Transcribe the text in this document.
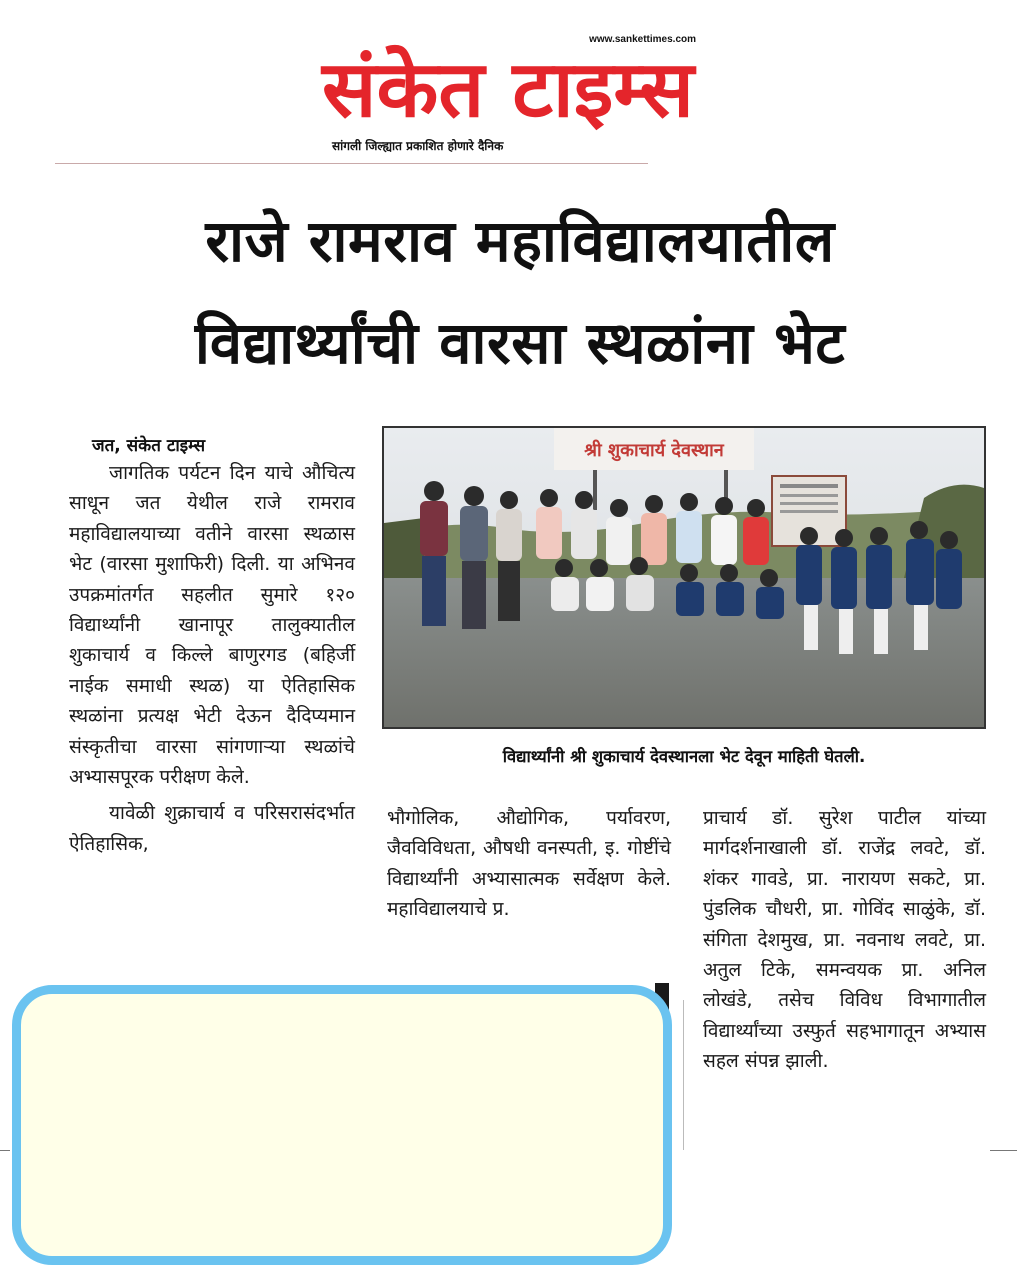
www.sankettimes.com
संकेत टाइम्स
सांगली जिल्ह्यात प्रकाशित होणारे दैनिक
राजे रामराव महाविद्यालयातील
विद्यार्थ्यांची वारसा स्थळांना भेट
जत, संकेत टाइम्स

जागतिक पर्यटन दिन याचे औचित्य साधून जत येथील राजे रामराव महाविद्यालयाच्या वतीने वारसा स्थळास भेट (वारसा मुशाफिरी) दिली. या अभिनव उपक्रमांतर्गत सहलीत सुमारे १२० विद्यार्थ्यांनी खानापूर तालुक्यातील शुकाचार्य व किल्ले बाणुरगड (बहिर्जी नाईक समाधी स्थळ) या ऐतिहासिक स्थळांना प्रत्यक्ष भेटी देऊन दैदिप्यमान संस्कृतीचा वारसा सांगणाऱ्या स्थळांचे अभ्यासपूरक परीक्षण केले.

यावेळी शुक्राचार्य व परिसरासंदर्भात ऐतिहासिक,

श्री शुकाचार्य देवस्थान
विद्यार्थ्यांनी श्री शुकाचार्य देवस्थानला भेट देवून माहिती घेतली.

भौगोलिक, औद्योगिक, पर्यावरण, जैवविविधता, औषधी वनस्पती, इ. गोष्टींचे विद्यार्थ्यांनी अभ्यासात्मक सर्वेक्षण केले. महाविद्यालयाचे प्र.

प्राचार्य डॉ. सुरेश पाटील यांच्या मार्गदर्शनाखाली डॉ. राजेंद्र लवटे, डॉ. शंकर गावडे, प्रा. नारायण सकटे, प्रा. पुंडलिक चौधरी, प्रा. गोविंद साळुंके, डॉ. संगिता देशमुख, प्रा. नवनाथ लवटे, प्रा. अतुल टिके, समन्वयक प्रा. अनिल लोखंडे, तसेच विविध विभागातील विद्यार्थ्यांच्या उस्फुर्त सहभागातून अभ्यास सहल संपन्न झाली.
